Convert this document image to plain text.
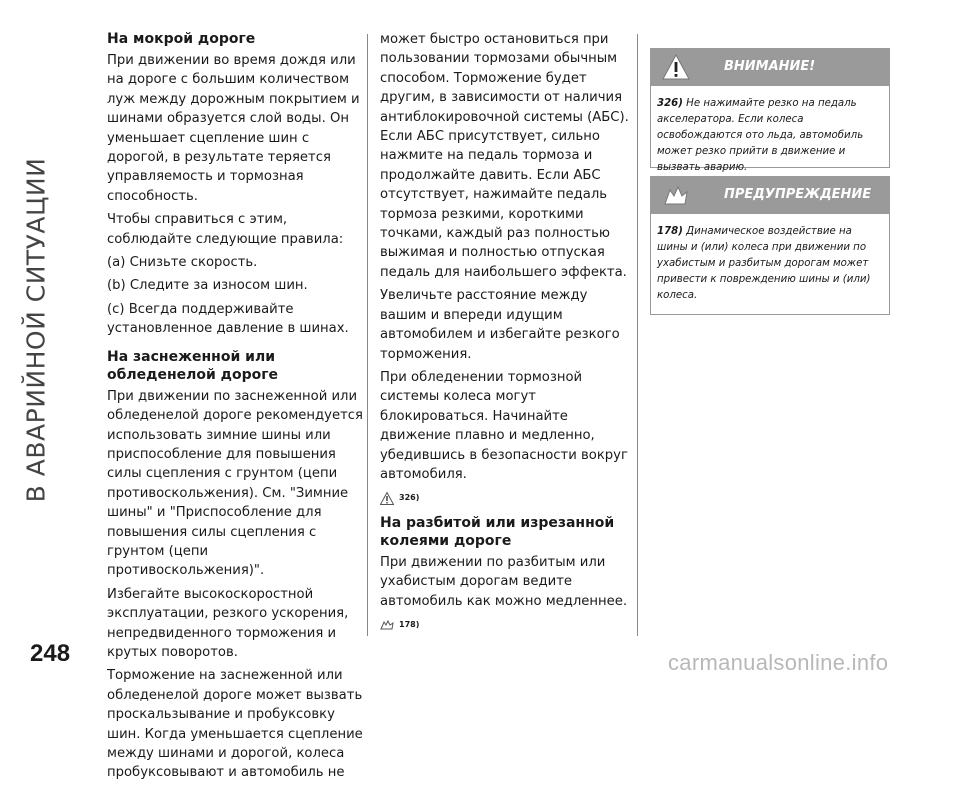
В АВАРИЙНОЙ СИТУАЦИИ
На мокрой дороге

При движении во время дождя или на дороге с большим количеством луж между дорожным покрытием и шинами образуется слой воды. Он уменьшает сцепление шин с дорогой, в результате теряется управляемость и тормозная способность.

Чтобы справиться с этим, соблюдайте следующие правила:

(a) Снизьте скорость.

(b) Следите за износом шин.

(c) Всегда поддерживайте установленное давление в шинах.

На заснеженной или обледенелой дороге

При движении по заснеженной или обледенелой дороге рекомендуется использовать зимние шины или приспособление для повышения силы сцепления с грунтом (цепи противоскольжения). См. "Зимние шины" и "Приспособление для повышения силы сцепления с грунтом (цепи противоскольжения)".

Избегайте высокоскоростной эксплуатации, резкого ускорения, непредвиденного торможения и крутых поворотов.

Торможение на заснеженной или обледенелой дороге может вызвать проскальзывание и пробуксовку шин. Когда уменьшается сцепление между шинами и дорогой, колеса пробуксовывают и автомобиль не

может быстро остановиться при пользовании тормозами обычным способом. Торможение будет другим, в зависимости от наличия антиблокировочной системы (АБС). Если АБС присутствует, сильно нажмите на педаль тормоза и продолжайте давить. Если АБС отсутствует, нажимайте педаль тормоза резкими, короткими точками, каждый раз полностью выжимая и полностью отпуская педаль для наибольшего эффекта.

Увеличьте расстояние между вашим и впереди идущим автомобилем и избегайте резкого торможения.

При обледенении тормозной системы колеса могут блокироваться. Начинайте движение плавно и медленно, убедившись в безопасности вокруг автомобиля.

326)
На разбитой или изрезанной колеями дороге

При движении по разбитым или ухабистым дорогам ведите автомобиль как можно медленнее.

178)
ВНИМАНИЕ!
326) Не нажимайте резко на педаль акселератора. Если колеса освобождаются ото льда, автомобиль может резко прийти в движение и вызвать аварию.
ПРЕДУПРЕЖДЕНИЕ
178) Динамическое воздействие на шины и (или) колеса при движении по ухабистым и разбитым дорогам может привести к повреждению шины и (или) колеса.
248	carmanualsonline.info
